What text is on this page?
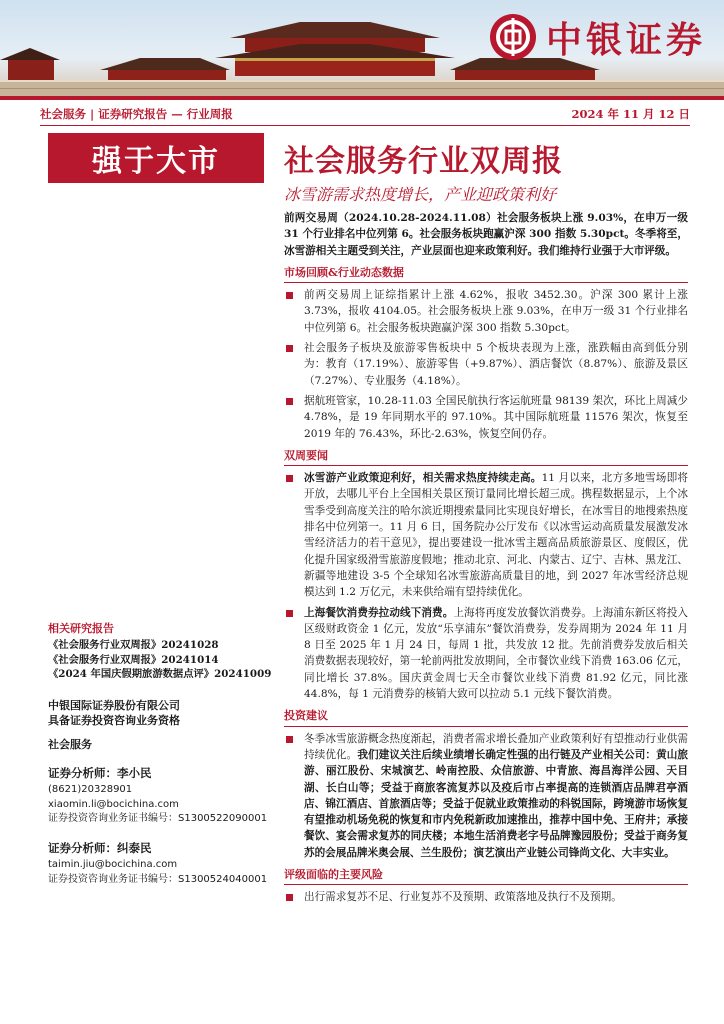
中银证券
社会服务 | 证券研究报告 — 行业周报	2024 年 11 月 12 日
强于大市	社会服务行业双周报
冰雪游需求热度增长，产业迎政策利好

前两交易周（2024.10.28-2024.11.08）社会服务板块上涨 9.03%，在申万一级 31 个行业排名中位列第 6。社会服务板块跑赢沪深 300 指数 5.30pct。冬季将至，冰雪游相关主题受到关注，产业层面也迎来政策利好。我们维持行业强于大市评级。

市场回顾&行业动态数据
前两交易周上证综指累计上涨 4.62%，报收 3452.30。沪深 300 累计上涨 3.73%，报收 4104.05。社会服务板块上涨 9.03%，在申万一级 31 个行业排名中位列第 6。社会服务板块跑赢沪深 300 指数 5.30pct。
社会服务子板块及旅游零售板块中 5 个板块表现为上涨，涨跌幅由高到低分别为：教育（17.19%）、旅游零售（+9.87%）、酒店餐饮（8.87%）、旅游及景区（7.27%）、专业服务（4.18%）。
据航班管家，10.28-11.03 全国民航执行客运航班量 98139 架次，环比上周减少 4.78%，是 19 年同期水平的 97.10%。其中国际航班量 11576 架次，恢复至 2019 年的 76.43%，环比-2.63%，恢复空间仍存。
双周要闻
冰雪游产业政策迎利好，相关需求热度持续走高。11 月以来，北方多地雪场即将开放，去哪儿平台上全国相关景区预订量同比增长超三成。携程数据显示，上个冰雪季受到高度关注的哈尔滨近期搜索量同比实现良好增长，在冰雪目的地搜索热度排名中位列第一。11 月 6 日，国务院办公厅发布《以冰雪运动高质量发展激发冰雪经济活力的若干意见》，提出要建设一批冰雪主题高品质旅游景区、度假区，优化提升国家级滑雪旅游度假地；推动北京、河北、内蒙古、辽宁、吉林、黑龙江、新疆等地建设 3-5 个全球知名冰雪旅游高质量目的地，到 2027 年冰雪经济总规模达到 1.2 万亿元，未来供给端有望持续优化。
上海餐饮消费券拉动线下消费。上海将再度发放餐饮消费券。上海浦东新区将投入区级财政资金 1 亿元，发放“乐享浦东”餐饮消费券，发券周期为 2024 年 11 月 8 日至 2025 年 1 月 24 日，每周 1 批，共发放 12 批。先前消费券发放后相关消费数据表现较好，第一轮前两批发放期间，全市餐饮业线下消费 163.06 亿元，同比增长 37.8%。国庆黄金周七天全市餐饮业线下消费 81.92 亿元，同比涨 44.8%，每 1 元消费券的核销大致可以拉动 5.1 元线下餐饮消费。
投资建议
冬季冰雪旅游概念热度渐起，消费者需求增长叠加产业政策利好有望推动行业供需持续优化。我们建议关注后续业绩增长确定性强的出行链及产业相关公司：黄山旅游、丽江股份、宋城演艺、岭南控股、众信旅游、中青旅、海昌海洋公园、天目湖、长白山等；受益于商旅客流复苏以及疫后市占率提高的连锁酒店品牌君亭酒店、锦江酒店、首旅酒店等；受益于促就业政策推动的科锐国际，跨境游市场恢复有望推动机场免税的恢复和市内免税新政加速推出，推荐中国中免、王府井；承接餐饮、宴会需求复苏的同庆楼；本地生活消费老字号品牌豫园股份；受益于商务复苏的会展品牌米奥会展、兰生股份；演艺演出产业链公司锋尚文化、大丰实业。
评级面临的主要风险
出行需求复苏不足、行业复苏不及预期、政策落地及执行不及预期。
相关研究报告
《社会服务行业双周报》20241028
《社会服务行业双周报》20241014
《2024 年国庆假期旅游数据点评》20241009
中银国际证券股份有限公司
具备证券投资咨询业务资格
社会服务
证券分析师：李小民
(8621)20328901
xiaomin.li@bocichina.com
证券投资咨询业务证书编号：S1300522090001
证券分析师：纠泰民
taimin.jiu@bocichina.com
证券投资咨询业务证书编号：S1300524040001
